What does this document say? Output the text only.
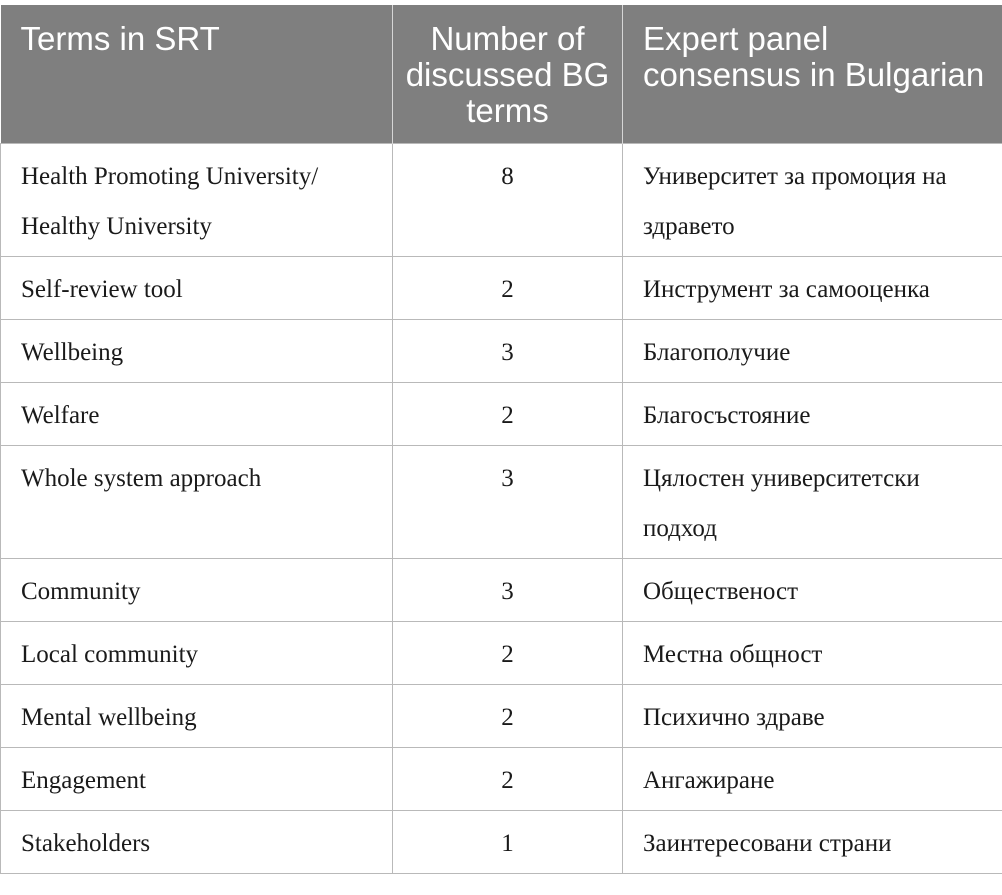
Terms in SRT	Number of discussed BG terms	Expert panel consensus in Bulgarian
Health Promoting University/ Healthy University	8	Университет за промоция на здравето
Self-review tool	2	Инструмент за самооценка
Wellbeing	3	Благополучие
Welfare	2	Благосъстояние
Whole system approach	3	Цялостен университетски подход
Community	3	Общественост
Local community	2	Местна общност
Mental wellbeing	2	Психично здраве
Engagement	2	Ангажиране
Stakeholders	1	Заинтересовани страни
